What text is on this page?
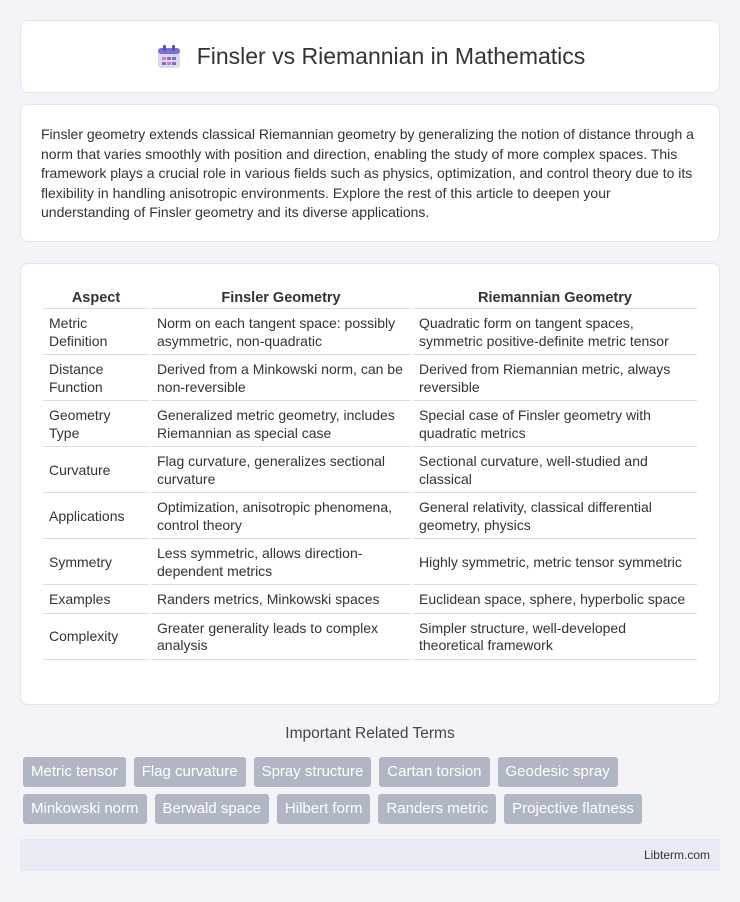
Finsler vs Riemannian in Mathematics

Finsler geometry extends classical Riemannian geometry by generalizing the notion of distance through a norm that varies smoothly with position and direction, enabling the study of more complex spaces. This framework plays a crucial role in various fields such as physics, optimization, and control theory due to its flexibility in handling anisotropic environments. Explore the rest of this article to deepen your understanding of Finsler geometry and its diverse applications.

Aspect	Finsler Geometry	Riemannian Geometry
Metric Definition	Norm on each tangent space: possibly asymmetric, non-quadratic	Quadratic form on tangent spaces, symmetric positive-definite metric tensor
Distance Function	Derived from a Minkowski norm, can be non-reversible	Derived from Riemannian metric, always reversible
Geometry Type	Generalized metric geometry, includes Riemannian as special case	Special case of Finsler geometry with quadratic metrics
Curvature	Flag curvature, generalizes sectional curvature	Sectional curvature, well-studied and classical
Applications	Optimization, anisotropic phenomena, control theory	General relativity, classical differential geometry, physics
Symmetry	Less symmetric, allows direction-dependent metrics	Highly symmetric, metric tensor symmetric
Examples	Randers metrics, Minkowski spaces	Euclidean space, sphere, hyperbolic space
Complexity	Greater generality leads to complex analysis	Simpler structure, well-developed theoretical framework
Important Related Terms
Metric tensor	Flag curvature	Spray structure	Cartan torsion	Geodesic spray
Minkowski norm	Berwald space	Hilbert form	Randers metric	Projective flatness
Libterm.com
